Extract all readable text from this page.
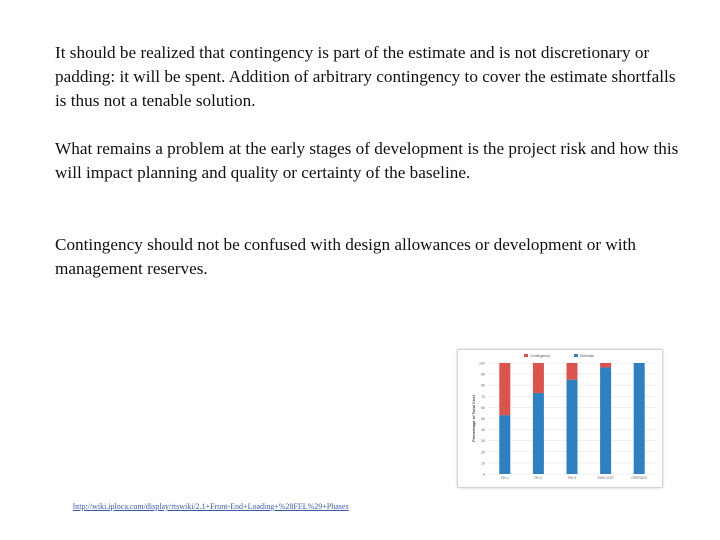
It should be realized that contingency is part of the estimate and is not discretionary or padding: it will be spent. Addition of arbitrary contingency to cover the estimate shortfalls is thus not a tenable solution.

What remains a problem at the early stages of development is the project risk and how this will impact planning and quality or certainty of the baseline.

Contingency should not be confused with design allowances or development or with management reserves.

0
10
20
30
40
50
60
70
80
90
100
Percentage of Total Cost
FEL1	FEL2	FEL3	EXECUTE	OPERATE
Contingency	Estimate
http://wiki.iploca.com/display/rtswiki/2.1+Front-End+Loading+%28FEL%29+Phases
